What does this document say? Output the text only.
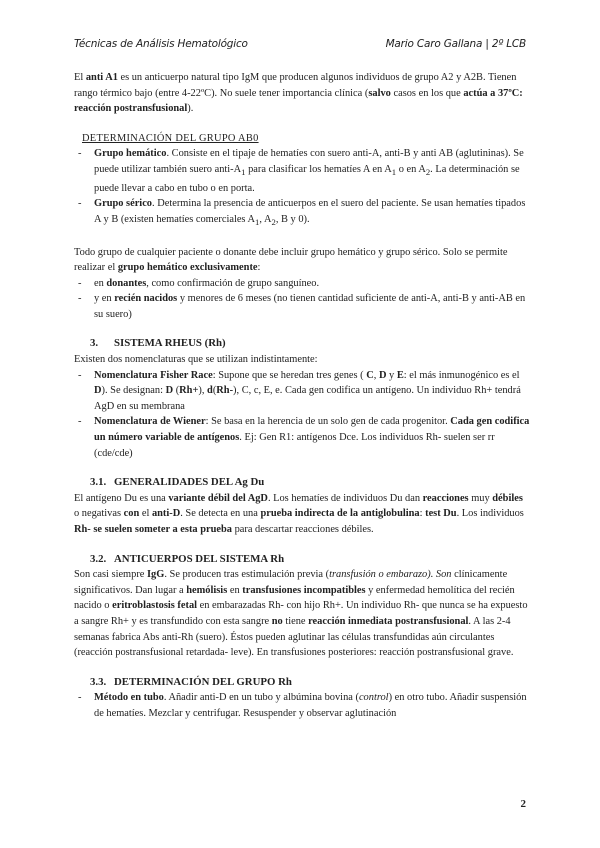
Técnicas de Análisis Hematológico	Mario Caro Gallana | 2º LCB

El anti A1 es un anticuerpo natural tipo IgM que producen algunos individuos de grupo A2 y A2B. Tienen rango térmico bajo (entre 4-22ºC). No suele tener importancia clínica (salvo casos en los que actúa a 37ºC: reacción postransfusional).

DETERMINACIÓN DEL GRUPO AB0

- Grupo hemático. Consiste en el tipaje de hematíes con suero anti-A, anti-B y anti AB (aglutininas). Se puede utilizar también suero anti-$A_1$ para clasificar los hematíes A en $A_1$ o en $A_2$. La determinación se puede llevar a cabo en tubo o en porta.
- Grupo sérico. Determina la presencia de anticuerpos en el suero del paciente. Se usan hematíes tipados A y B (existen hematíes comerciales $A_1$, $A_2$, B y 0).

Todo grupo de cualquier paciente o donante debe incluir grupo hemático y grupo sérico. Solo se permite realizar el grupo hemático exclusivamente:

- en donantes, como confirmación de grupo sanguíneo.
- y en recién nacidos y menores de 6 meses (no tienen cantidad suficiente de anti-A, anti-B y anti-AB en su suero)
3. SISTEMA RHEUS (Rh)

Existen dos nomenclaturas que se utilizan indistintamente:

- Nomenclatura Fisher Race: Supone que se heredan tres genes ( C, D y E: el más inmunogénico es el D). Se designan: D (Rh+), d(Rh-), C, c, E, e. Cada gen codifica un antígeno. Un individuo Rh+ tendrá AgD en su membrana
- Nomenclatura de Wiener: Se basa en la herencia de un solo gen de cada progenitor. Cada gen codifica un número variable de antígenos. Ej: Gen R1: antígenos Dce. Los individuos Rh- suelen ser rr (cde/cde)
3.1. GENERALIDADES DEL Ag Du

El antígeno Du es una variante débil del AgD. Los hematíes de individuos Du dan reacciones muy débiles o negativas con el anti-D. Se detecta en una prueba indirecta de la antiglobulina: test Du. Los individuos Rh- se suelen someter a esta prueba para descartar reacciones débiles.

3.2. ANTICUERPOS DEL SISTEMA Rh

Son casi siempre IgG. Se producen tras estimulación previa (transfusión o embarazo). Son clínicamente significativos. Dan lugar a hemólisis en transfusiones incompatibles y enfermedad hemolítica del recién nacido o eritroblastosis fetal en embarazadas Rh- con hijo Rh+. Un individuo Rh- que nunca se ha expuesto a sangre Rh+ y es transfundido con esta sangre no tiene reacción inmediata postransfusional. A las 2-4 semanas fabrica Abs anti-Rh (suero). Éstos pueden aglutinar las células transfundidas aún circulantes (reacción postransfusional retardada- leve). En transfusiones posteriores: reacción postransfusional grave.

3.3. DETERMINACIÓN DEL GRUPO Rh
- Método en tubo. Añadir anti-D en un tubo y albúmina bovina (control) en otro tubo. Añadir suspensión de hematíes. Mezclar y centrifugar. Resuspender y observar aglutinación
2
